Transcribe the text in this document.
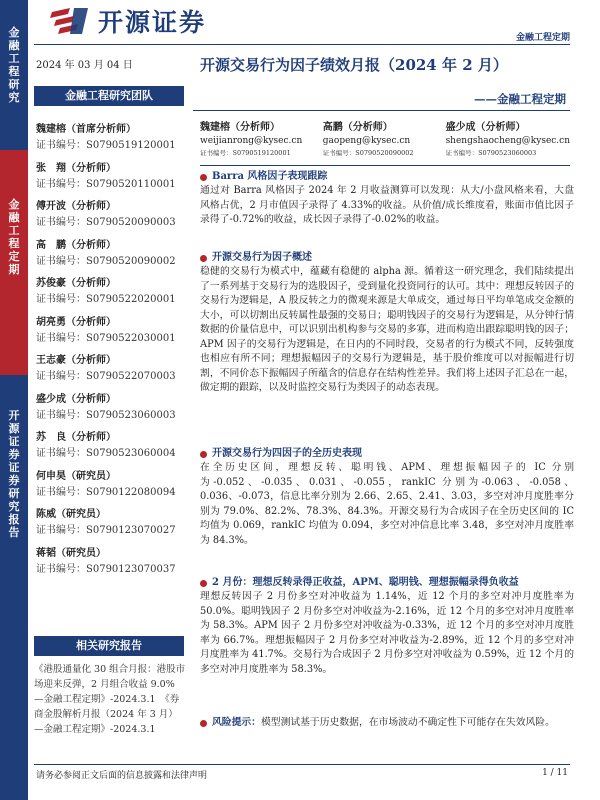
金融工程研究
金融工程定期
开源证券 证券研究报告
开源证券
金融工程定期
2024 年 03 月 04 日	开源交易行为因子绩效月报（2024 年 2 月）
——金融工程定期
金融工程研究团队
魏建榕（首席分析师）
证书编号：S0790519120001
张　翔（分析师）
证书编号：S0790520110001
傅开波（分析师）
证书编号：S0790520090003
高　鹏（分析师）
证书编号：S0790520090002
苏俊豪（分析师）
证书编号：S0790522020001
胡亮勇（分析师）
证书编号：S0790522030001
王志豪（分析师）
证书编号：S0790522070003
盛少成（分析师）
证书编号：S0790523060003
苏　良（分析师）
证书编号：S0790523060004
何申昊（研究员）
证书编号：S0790122080094
陈威（研究员）
证书编号：S0790123070027
蒋韬（研究员）
证书编号：S0790123070037
相关研究报告
《港股通量化 30 组合月报：港股市场迎来反弹，2 月组合收益 9.0% —金融工程定期》-2024.3.1　《券商金股解析月报（2024 年 3 月）—金融工程定期》-2024.3.1
魏建榕（分析师）
weijianrong@kysec.cn
证书编号：S0790519120001
高鹏（分析师）
gaopeng@kysec.cn
证书编号：S0790520090002
盛少成（分析师）
shengshaocheng@kysec.cn
证书编号：S0790523060003
Barra 风格因子表现跟踪
通过对 Barra 风格因子 2024 年 2 月收益测算可以发现：从大/小盘风格来看，大盘风格占优，2 月市值因子录得了 4.33%的收益。从价值/成长维度看，账面市值比因子录得了-0.72%的收益，成长因子录得了-0.02%的收益。
开源交易行为因子概述
稳健的交易行为模式中，蕴藏有稳健的 alpha 源。循着这一研究理念，我们陆续提出了一系列基于交易行为的选股因子，受到量化投资同行的认可。其中：理想反转因子的交易行为逻辑是，A 股反转之力的微观来源是大单成交，通过每日平均单笔成交金额的大小，可以切割出反转属性最强的交易日；聪明钱因子的交易行为逻辑是，从分钟行情数据的价量信息中，可以识别出机构参与交易的多寡，进而构造出跟踪聪明钱的因子；APM 因子的交易行为逻辑是，在日内的不同时段，交易者的行为模式不同，反转强度也相应有所不同；理想振幅因子的交易行为逻辑是，基于股价维度可以对振幅进行切割，不同价态下振幅因子所蕴含的信息存在结构性差异。我们将上述因子汇总在一起，做定期的跟踪，以及时监控交易行为类因子的动态表现。
开源交易行为四因子的全历史表现
在全历史区间，理想反转、聪明钱、APM、理想振幅因子的 IC 分别为-0.052、-0.035、0.031、-0.055，rankIC 分别为-0.063、-0.058、0.036、-0.073，信息比率分别为 2.66、2.65、2.41、3.03，多空对冲月度胜率分别为 79.0%、82.2%、78.3%、84.3%。开源交易行为合成因子在全历史区间的 IC 均值为 0.069，rankIC 均值为 0.094，多空对冲信息比率 3.48，多空对冲月度胜率为 84.3%。
2 月份：理想反转录得正收益，APM、聪明钱、理想振幅录得负收益
理想反转因子 2 月份多空对冲收益为 1.14%，近 12 个月的多空对冲月度胜率为 50.0%。聪明钱因子 2 月份多空对冲收益为-2.16%，近 12 个月的多空对冲月度胜率为 58.3%。APM 因子 2 月份多空对冲收益为-0.33%，近 12 个月的多空对冲月度胜率为 66.7%。理想振幅因子 2 月份多空对冲收益为-2.89%，近 12 个月的多空对冲月度胜率为 41.7%。交易行为合成因子 2 月份多空对冲收益为 0.59%，近 12 个月的多空对冲月度胜率为 58.3%。
风险提示：模型测试基于历史数据，在市场波动不确定性下可能存在失效风险。
请务必参阅正文后面的信息披露和法律声明	1 / 11
